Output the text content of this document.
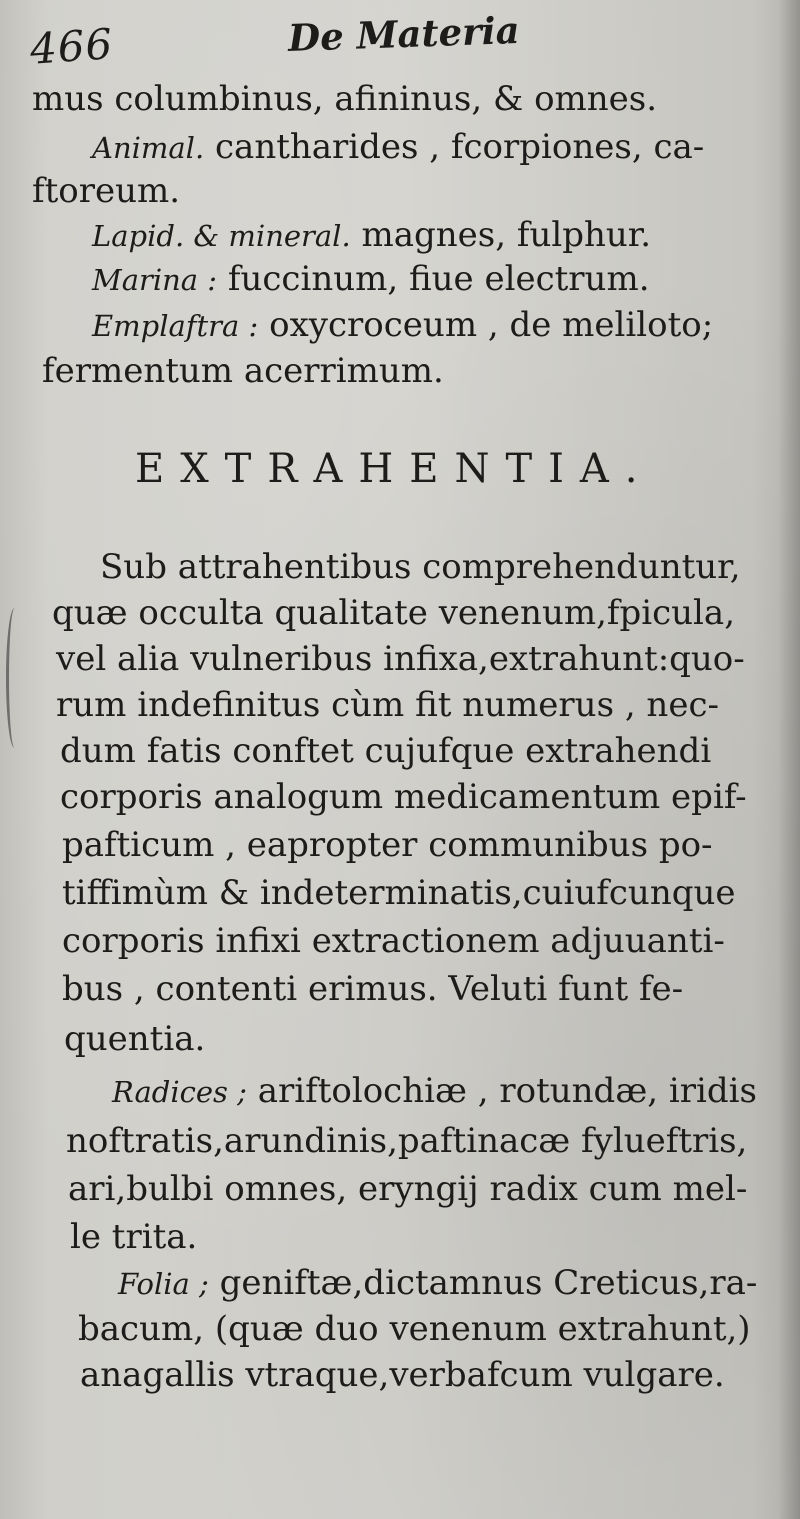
466	De Materia
mus columbinus, afininus, & omnes.
Animal. cantharides , fcorpiones, ca-
ftoreum.
Lapid. & mineral. magnes, fulphur.
Marina : fuccinum, fiue electrum.
Emplaftra : oxycroceum , de meliloto;
fermentum acerrimum.
EXTRAHENTIA.
Sub attrahentibus comprehenduntur,
quæ occulta qualitate venenum,fpicula,
vel alia vulneribus infixa,extrahunt:quo-
rum indefinitus cùm fit numerus , nec-
dum fatis conftet cujufque extrahendi
corporis analogum medicamentum epif-
pafticum , eapropter communibus po-
tiffimùm & indeterminatis,cuiufcunque
corporis infixi extractionem adjuuanti-
bus , contenti erimus. Veluti funt fe-
quentia.
Radices ; ariftolochiæ , rotundæ, iridis
noftratis,arundinis,paftinacæ fylueftris,
ari,bulbi omnes, eryngij radix cum mel-
le trita.
Folia ; geniftæ,dictamnus Creticus,ra-
bacum, (quæ duo venenum extrahunt,)
anagallis vtraque,verbafcum vulgare.
